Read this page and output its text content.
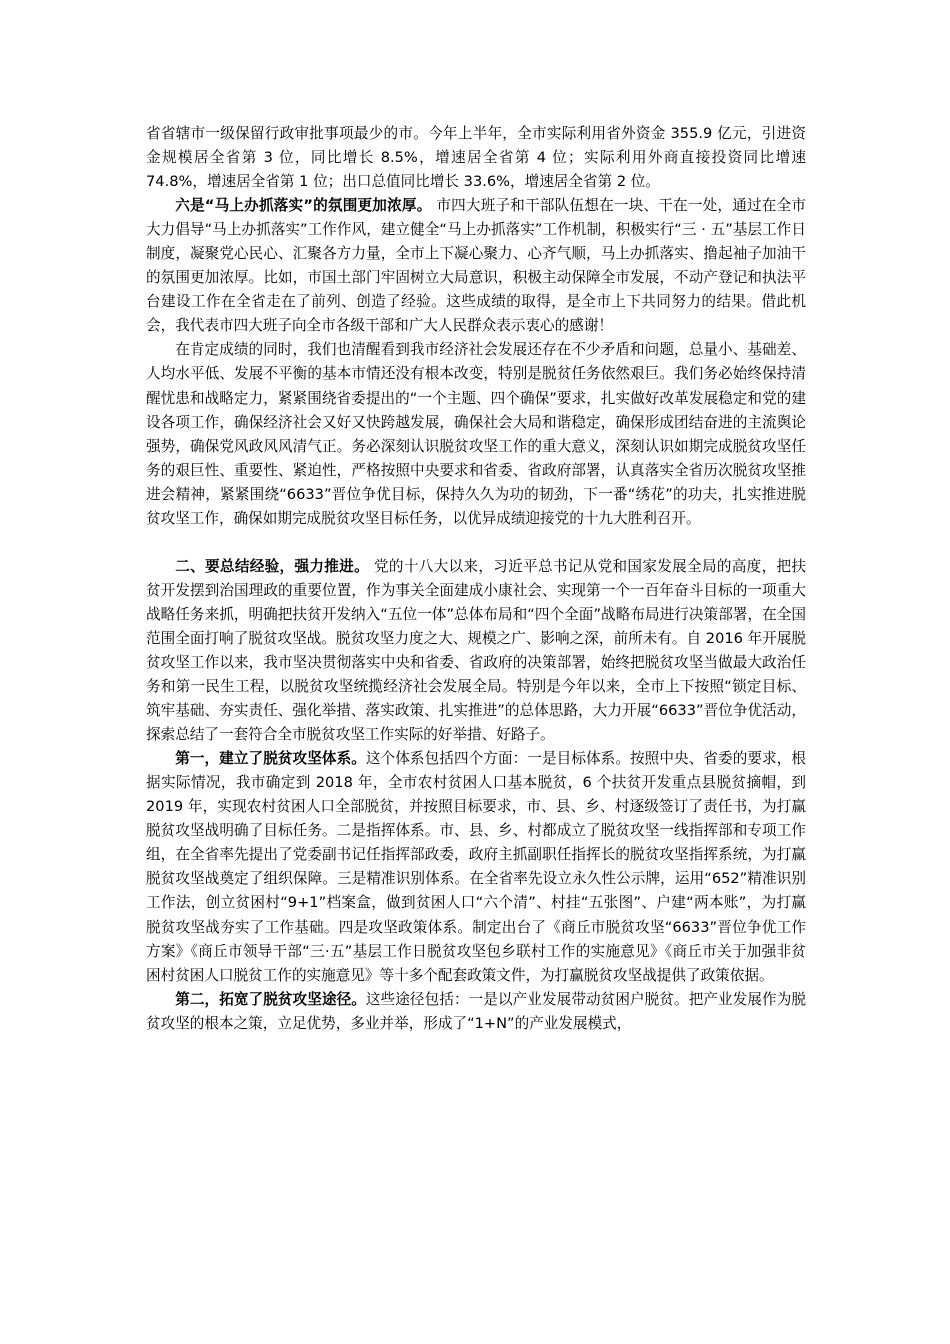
省省辖市一级保留行政审批事项最少的市。今年上半年，全市实际利用省外资金 355.9 亿元，引进资金规模居全省第 3 位，同比增长 8.5%，增速居全省第 4 位；实际利用外商直接投资同比增速 74.8%，增速居全省第 1 位；出口总值同比增长 33.6%，增速居全省第 2 位。

六是“马上办抓落实”的氛围更加浓厚。 市四大班子和干部队伍想在一块、干在一处，通过在全市大力倡导“马上办抓落实”工作作风，建立健全“马上办抓落实”工作机制，积极实行“三 · 五”基层工作日制度，凝聚党心民心、汇聚各方力量，全市上下凝心聚力、心齐气顺，马上办抓落实、撸起袖子加油干的氛围更加浓厚。比如，市国土部门牢固树立大局意识，积极主动保障全市发展，不动产登记和执法平台建设工作在全省走在了前列、创造了经验。这些成绩的取得，是全市上下共同努力的结果。借此机会，我代表市四大班子向全市各级干部和广大人民群众表示衷心的感谢！

在肯定成绩的同时，我们也清醒看到我市经济社会发展还存在不少矛盾和问题，总量小、基础差、人均水平低、发展不平衡的基本市情还没有根本改变，特别是脱贫任务依然艰巨。我们务必始终保持清醒忧患和战略定力，紧紧围绕省委提出的“一个主题、四个确保”要求，扎实做好改革发展稳定和党的建设各项工作，确保经济社会又好又快跨越发展，确保社会大局和谐稳定，确保形成团结奋进的主流舆论强势，确保党风政风风清气正。务必深刻认识脱贫攻坚工作的重大意义，深刻认识如期完成脱贫攻坚任务的艰巨性、重要性、紧迫性，严格按照中央要求和省委、省政府部署，认真落实全省历次脱贫攻坚推进会精神，紧紧围绕“6633”晋位争优目标，保持久久为功的韧劲，下一番“绣花”的功夫，扎实推进脱贫攻坚工作，确保如期完成脱贫攻坚目标任务，以优异成绩迎接党的十九大胜利召开。

二、要总结经验，强力推进。 党的十八大以来，习近平总书记从党和国家发展全局的高度，把扶贫开发摆到治国理政的重要位置，作为事关全面建成小康社会、实现第一个一百年奋斗目标的一项重大战略任务来抓，明确把扶贫开发纳入“五位一体”总体布局和“四个全面”战略布局进行决策部署，在全国范围全面打响了脱贫攻坚战。脱贫攻坚力度之大、规模之广、影响之深，前所未有。自 2016 年开展脱贫攻坚工作以来，我市坚决贯彻落实中央和省委、省政府的决策部署，始终把脱贫攻坚当做最大政治任务和第一民生工程，以脱贫攻坚统揽经济社会发展全局。特别是今年以来，全市上下按照“锁定目标、筑牢基础、夯实责任、强化举措、落实政策、扎实推进”的总体思路，大力开展“6633”晋位争优活动，探索总结了一套符合全市脱贫攻坚工作实际的好举措、好路子。

第一，建立了脱贫攻坚体系。这个体系包括四个方面：一是目标体系。按照中央、省委的要求，根据实际情况，我市确定到 2018 年，全市农村贫困人口基本脱贫，6 个扶贫开发重点县脱贫摘帽，到 2019 年，实现农村贫困人口全部脱贫，并按照目标要求，市、县、乡、村逐级签订了责任书，为打赢脱贫攻坚战明确了目标任务。二是指挥体系。市、县、乡、村都成立了脱贫攻坚一线指挥部和专项工作组，在全省率先提出了党委副书记任指挥部政委，政府主抓副职任指挥长的脱贫攻坚指挥系统，为打赢脱贫攻坚战奠定了组织保障。三是精准识别体系。在全省率先设立永久性公示牌，运用“652”精准识别工作法，创立贫困村“9+1”档案盒，做到贫困人口“六个清”、村挂“五张图”、户建“两本账”，为打赢脱贫攻坚战夯实了工作基础。四是攻坚政策体系。制定出台了《商丘市脱贫攻坚“6633”晋位争优工作方案》《商丘市领导干部“三·五”基层工作日脱贫攻坚包乡联村工作的实施意见》《商丘市关于加强非贫困村贫困人口脱贫工作的实施意见》等十多个配套政策文件，为打赢脱贫攻坚战提供了政策依据。

第二，拓宽了脱贫攻坚途径。这些途径包括：一是以产业发展带动贫困户脱贫。把产业发展作为脱贫攻坚的根本之策，立足优势，多业并举，形成了“1+N”的产业发展模式，
